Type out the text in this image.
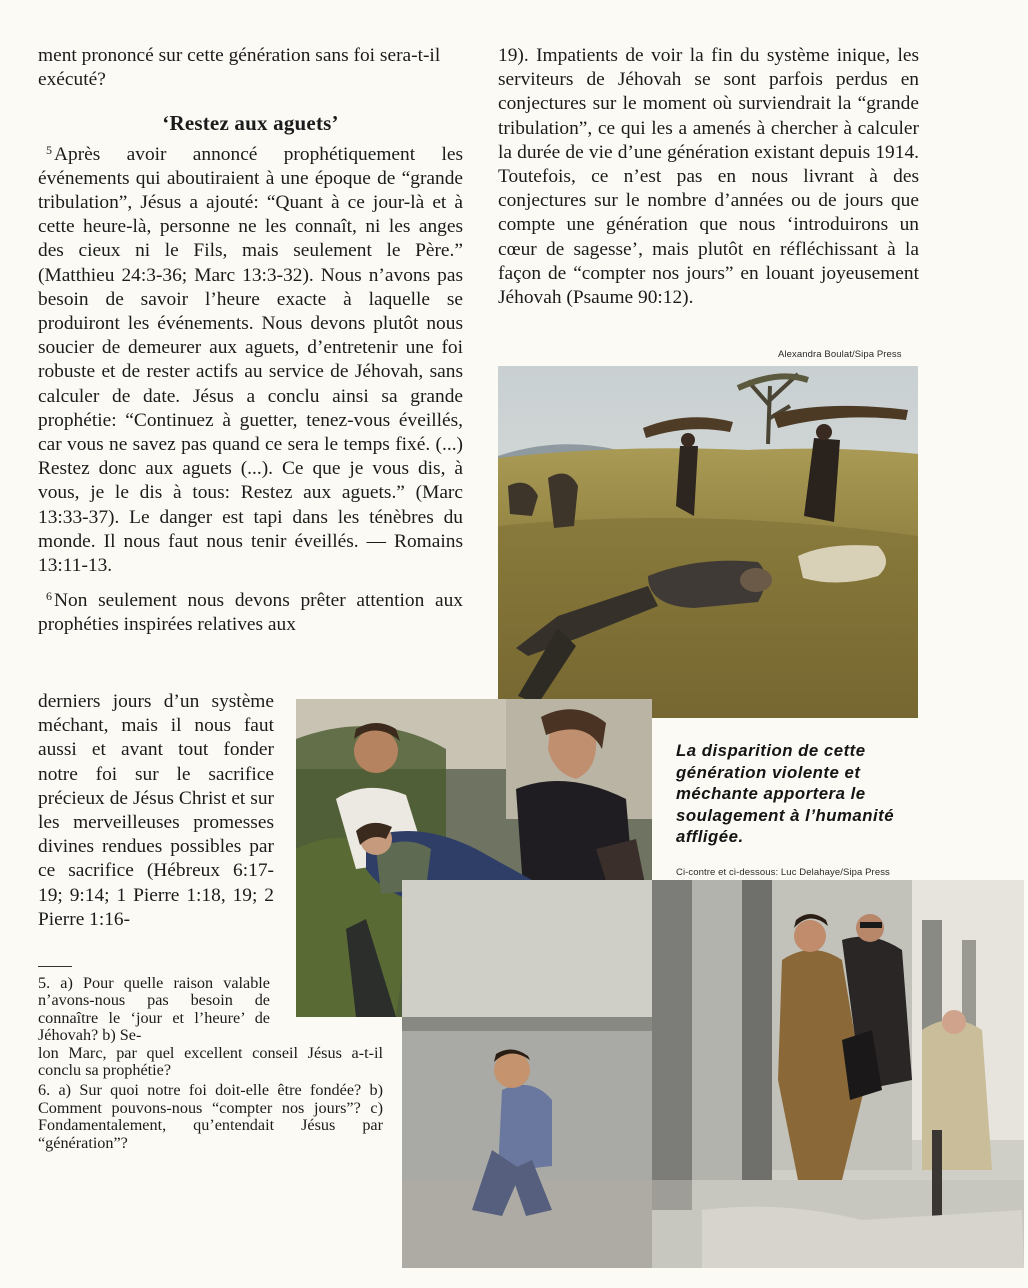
ment prononcé sur cette génération sans foi sera-t-il exécuté?

‘Restez aux aguets’

$^5$ Après avoir annoncé prophétiquement les événements qui aboutiraient à une époque de “grande tribulation”, Jésus a ajouté: “Quant à ce jour-là et à cette heure-là, personne ne les connaît, ni les anges des cieux ni le Fils, mais seulement le Père.” (Matthieu 24:3-36; Marc 13:3-32). Nous n’avons pas besoin de savoir l’heure exacte à laquelle se produiront les événements. Nous devons plutôt nous soucier de demeurer aux aguets, d’entretenir une foi robuste et de rester actifs au service de Jéhovah, sans calculer de date. Jésus a conclu ainsi sa grande prophétie: “Continuez à guetter, tenez-vous éveillés, car vous ne savez pas quand ce sera le temps fixé. (...) Restez donc aux aguets (...). Ce que je vous dis, à vous, je le dis à tous: Restez aux aguets.” (Marc 13:33-37). Le danger est tapi dans les ténèbres du monde. Il nous faut nous tenir éveillés. — Romains 13:11-13.

$^6$ Non seulement nous devons prêter attention aux prophéties inspirées relatives aux

derniers jours d’un système méchant, mais il nous faut aussi et avant tout fonder notre foi sur le sacrifice précieux de Jésus Christ et sur les merveilleuses promesses divines rendues possibles par ce sacrifice (Hébreux 6:17-19; 9:14; 1 Pierre 1:18, 19; 2 Pierre 1:16-

5. a) Pour quelle raison valable n’avons-nous pas besoin de connaître le ‘jour et l’heure’ de Jéhovah? b) Se-

lon Marc, par quel excellent conseil Jésus a-t-il conclu sa prophétie?

6. a) Sur quoi notre foi doit-elle être fondée? b) Comment pouvons-nous “compter nos jours”? c) Fondamentalement, qu’entendait Jésus par “génération”?

19). Impatients de voir la fin du système inique, les serviteurs de Jéhovah se sont parfois perdus en conjectures sur le moment où surviendrait la “grande tribulation”, ce qui les a amenés à chercher à calculer la durée de vie d’une génération existant depuis 1914. Toutefois, ce n’est pas en nous livrant à des conjectures sur le nombre d’années ou de jours que compte une génération que nous ‘introduirons un cœur de sagesse’, mais plutôt en réfléchissant à la façon de “compter nos jours” en louant joyeusement Jéhovah (Psaume 90:12).

Alexandra Boulat/Sipa Press
La disparition de cette génération violente et méchante apportera le soulagement à l’humanité affligée.
Ci-contre et ci-dessous: Luc Delahaye/Sipa Press
